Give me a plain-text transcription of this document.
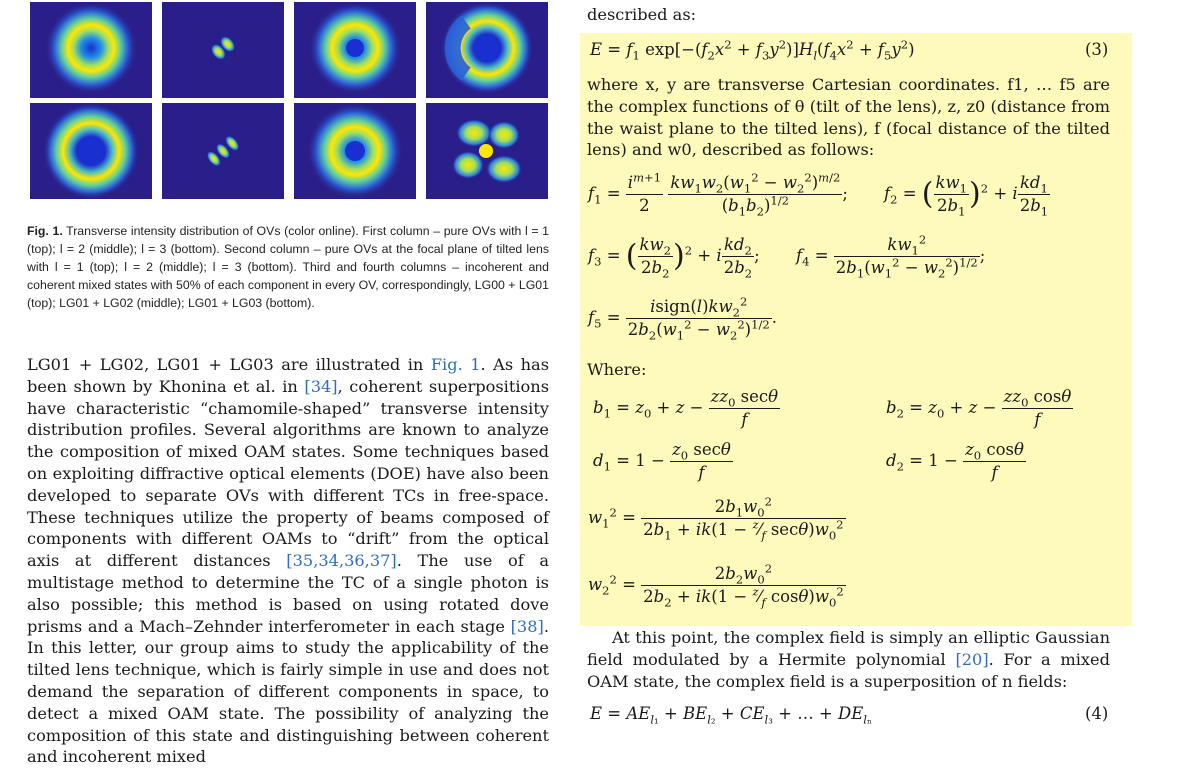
Fig. 1. Transverse intensity distribution of OVs (color online). First column – pure OVs with l = 1 (top); l = 2 (middle); l = 3 (bottom). Second column – pure OVs at the focal plane of tilted lens with l = 1 (top); l = 2 (middle); l = 3 (bottom). Third and fourth columns – incoherent and coherent mixed states with 50% of each component in every OV, correspondingly, LG00 + LG01 (top); LG01 + LG02 (middle); LG01 + LG03 (bottom).
LG01 + LG02, LG01 + LG03 are illustrated in Fig. 1. As has been shown by Khonina et al. in [34], coherent superpositions have characteristic “chamomile-shaped” transverse intensity distribution profiles. Several algorithms are known to analyze the composition of mixed OAM states. Some techniques based on exploiting diffractive optical elements (DOE) have also been developed to separate OVs with different TCs in free-space. These techniques utilize the property of beams composed of components with different OAMs to “drift” from the optical axis at different distances [35,34,36,37]. The use of a multistage method to determine the TC of a single photon is also possible; this method is based on using rotated dove prisms and a Mach–Zehnder interferometer in each stage [38]. In this letter, our group aims to study the applicability of the tilted lens technique, which is fairly simple in use and does not demand the separation of different components in space, to detect a mixed OAM state. The possibility of analyzing the composition of this state and distinguishing between coherent and incoherent mixed
described as:
$E = f_1$ $\exp[-(f_2x^2 + f_3y^2)]H_l(f_4x^2 + f_5y^2)$	(3)
where x, y are transverse Cartesian coordinates. f1, … f5 are the complex functions of θ (tilt of the lens), z, z0 (distance from the waist plane to the tilted lens), f (focal distance of the tilted lens) and w0, described as follows:
$f_1 = \frac{i^{m+1}}{2}$
$\frac{kw_1w_2(w_1^2 - w_2^2)^{m/2}}{(b_1b_2)^{1/2}}$ ; $f_2$ = ( $\frac{kw_1}{2b_1} )^2 + i \frac{kd_1}{2b_1}$
$f_3$ = ( $\frac{kw_2}{2b_2} )^2 + i \frac{kd_2}{2b_2}$ ; $f_4 = \frac{kw_1^2}{2b_1(w_1^2 - w_2^2)^{1/2}}$ ;
$f_5 = \frac{isign(l)kw_2^2}{2b_2(w_1^2 - w_2^2)^{1/2}}$ .
Where:
$b_1 = z_0 + z - \frac{zz_0 \sec\theta}{f}$	$b_2 = z_0 + z - \frac{zz_0 \cos\theta}{f}$
$d_1 = 1 - \frac{z_0 \sec\theta}{f}$	$d_2 = 1 - \frac{z_0 \cos\theta}{f}$
$w_1^2 = \frac{2b_1w_0^2}{2b_1 + ik(1 - ^z⁄_f \sec\theta)w_0^2}$
$w_2^2 = \frac{2b_2w_0^2}{2b_2 + ik(1 - ^z⁄_f \cos\theta)w_0^2}$
At this point, the complex field is simply an elliptic Gaussian field modulated by a Hermite polynomial [20]. For a mixed OAM state, the complex field is a superposition of n fields:
$E = AE_{l_1} + BE_{l_2} + CE_{l_3}$ + … + $DE_{l_n}$	(4)
